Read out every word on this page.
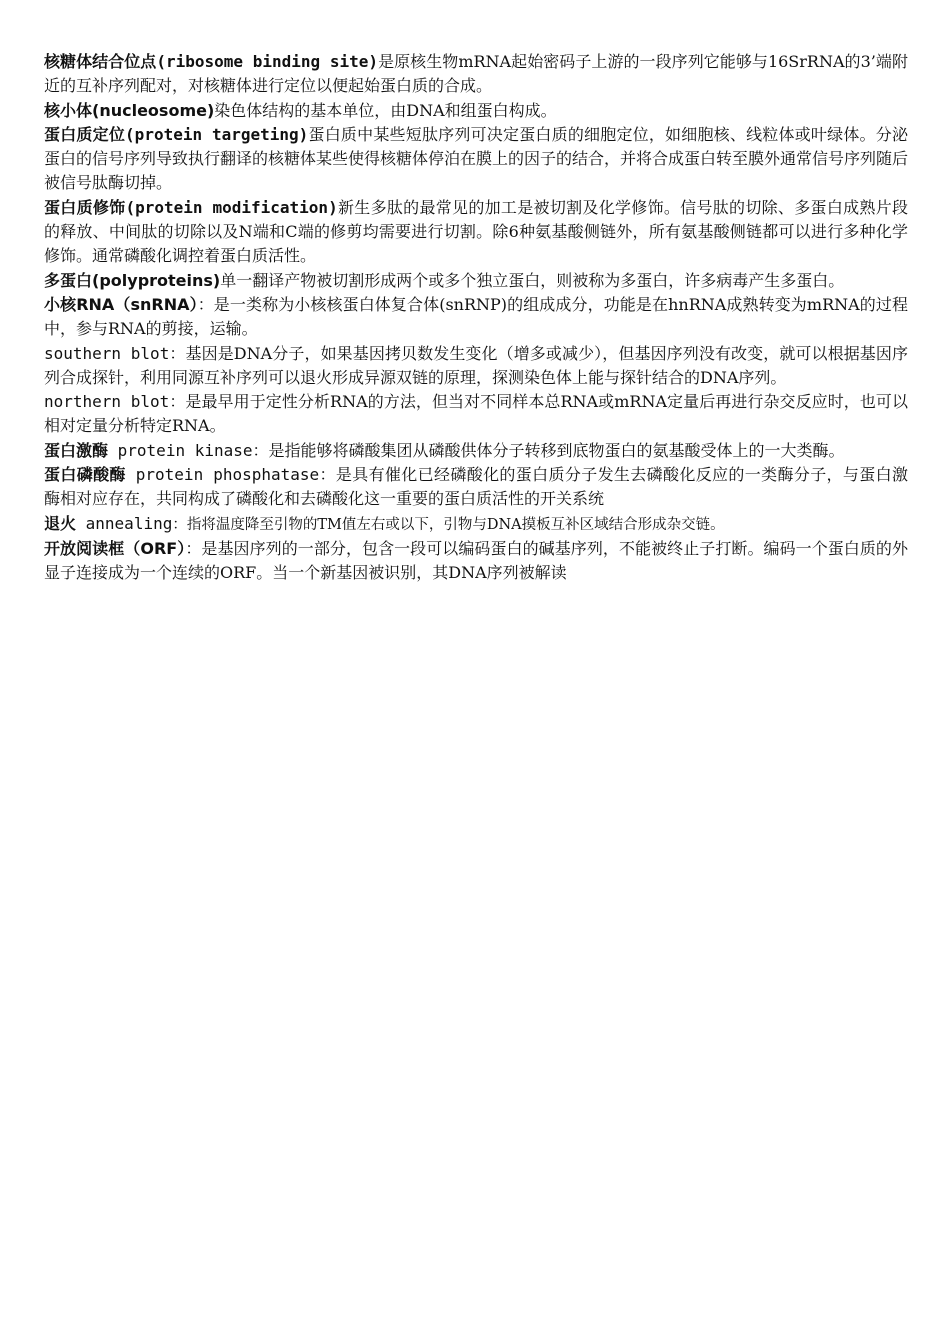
核糖体结合位点(ribosome binding site)是原核生物mRNA起始密码子上游的一段序列它能够与16SrRNA的3’端附近的互补序列配对，对核糖体进行定位以便起始蛋白质的合成。

核小体(nucleosome)染色体结构的基本单位，由DNA和组蛋白构成。

蛋白质定位(protein targeting)蛋白质中某些短肽序列可决定蛋白质的细胞定位，如细胞核、线粒体或叶绿体。分泌蛋白的信号序列导致执行翻译的核糖体某些使得核糖体停泊在膜上的因子的结合，并将合成蛋白转至膜外通常信号序列随后被信号肽酶切掉。

蛋白质修饰(protein modification)新生多肽的最常见的加工是被切割及化学修饰。信号肽的切除、多蛋白成熟片段的释放、中间肽的切除以及N端和C端的修剪均需要进行切割。除6种氨基酸侧链外，所有氨基酸侧链都可以进行多种化学修饰。通常磷酸化调控着蛋白质活性。

多蛋白(polyproteins)单一翻译产物被切割形成两个或多个独立蛋白，则被称为多蛋白，许多病毒产生多蛋白。

小核RNA（snRNA）：是一类称为小核核蛋白体复合体(snRNP)的组成成分，功能是在hnRNA成熟转变为mRNA的过程中，参与RNA的剪接，运输。

southern blot：基因是DNA分子，如果基因拷贝数发生变化（增多或减少），但基因序列没有改变，就可以根据基因序列合成探针，利用同源互补序列可以退火形成异源双链的原理，探测染色体上能与探针结合的DNA序列。

northern blot：是最早用于定性分析RNA的方法，但当对不同样本总RNA或mRNA定量后再进行杂交反应时，也可以相对定量分析特定RNA。

蛋白激酶 protein kinase：是指能够将磷酸集团从磷酸供体分子转移到底物蛋白的氨基酸受体上的一大类酶。

蛋白磷酸酶 protein phosphatase：是具有催化已经磷酸化的蛋白质分子发生去磷酸化反应的一类酶分子，与蛋白激酶相对应存在，共同构成了磷酸化和去磷酸化这一重要的蛋白质活性的开关系统

退火 annealing：指将温度降至引物的TM值左右或以下，引物与DNA摸板互补区域结合形成杂交链。

开放阅读框（ORF）：是基因序列的一部分，包含一段可以编码蛋白的碱基序列，不能被终止子打断。编码一个蛋白质的外显子连接成为一个连续的ORF。当一个新基因被识别，其DNA序列被解读
